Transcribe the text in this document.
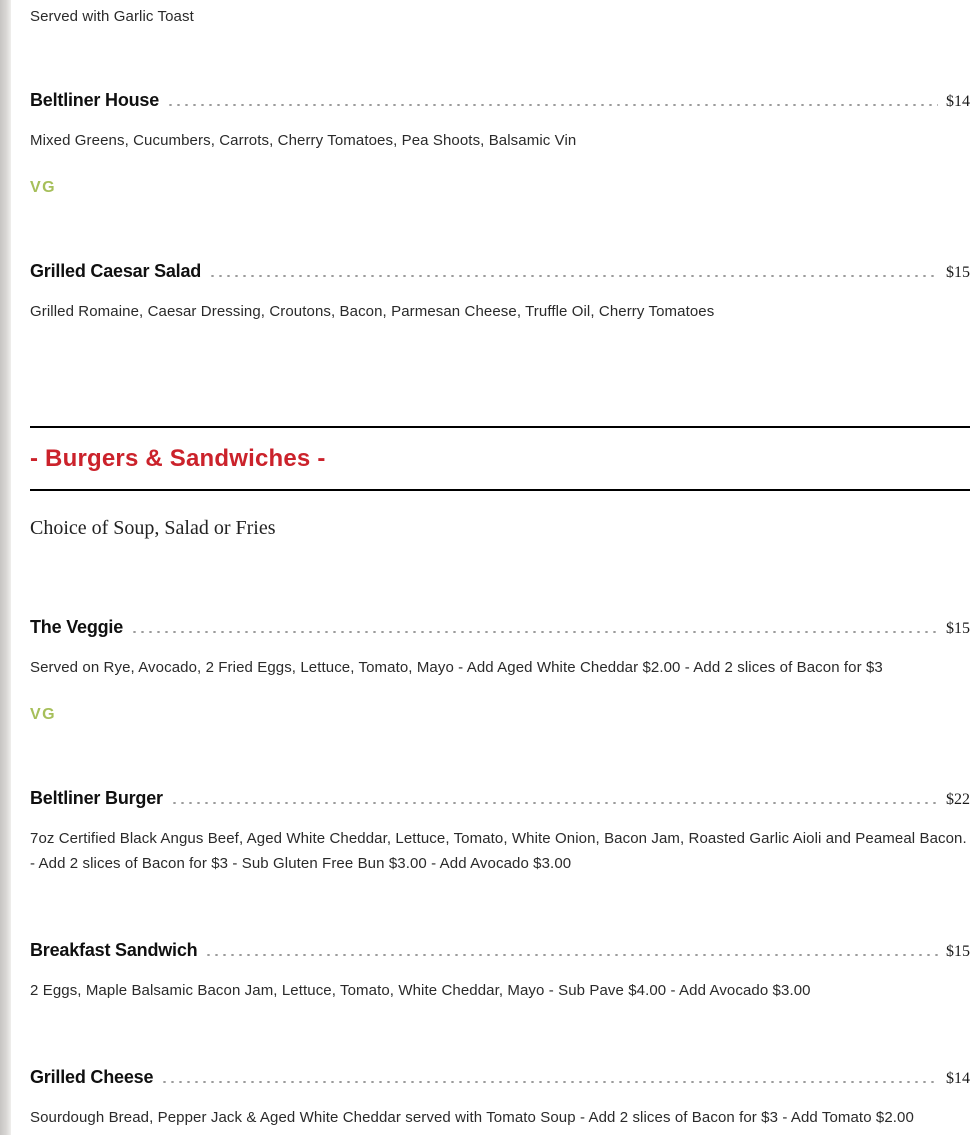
Served with Garlic Toast

Beltliner House	$14

Mixed Greens, Cucumbers, Carrots, Cherry Tomatoes, Pea Shoots, Balsamic Vin

VG
Grilled Caesar Salad	$15

Grilled Romaine, Caesar Dressing, Croutons, Bacon, Parmesan Cheese, Truffle Oil, Cherry Tomatoes

- Burgers & Sandwiches -

Choice of Soup, Salad or Fries

The Veggie	$15

Served on Rye, Avocado, 2 Fried Eggs, Lettuce, Tomato, Mayo - Add Aged White Cheddar $2.00 - Add 2 slices of Bacon for $3

VG
Beltliner Burger	$22

7oz Certified Black Angus Beef, Aged White Cheddar, Lettuce, Tomato, White Onion, Bacon Jam, Roasted Garlic Aioli and Peameal Bacon. - Add 2 slices of Bacon for $3 - Sub Gluten Free Bun $3.00 - Add Avocado $3.00

Breakfast Sandwich	$15

2 Eggs, Maple Balsamic Bacon Jam, Lettuce, Tomato, White Cheddar, Mayo - Sub Pave $4.00 - Add Avocado $3.00

Grilled Cheese	$14

Sourdough Bread, Pepper Jack & Aged White Cheddar served with Tomato Soup - Add 2 slices of Bacon for $3 - Add Tomato $2.00
